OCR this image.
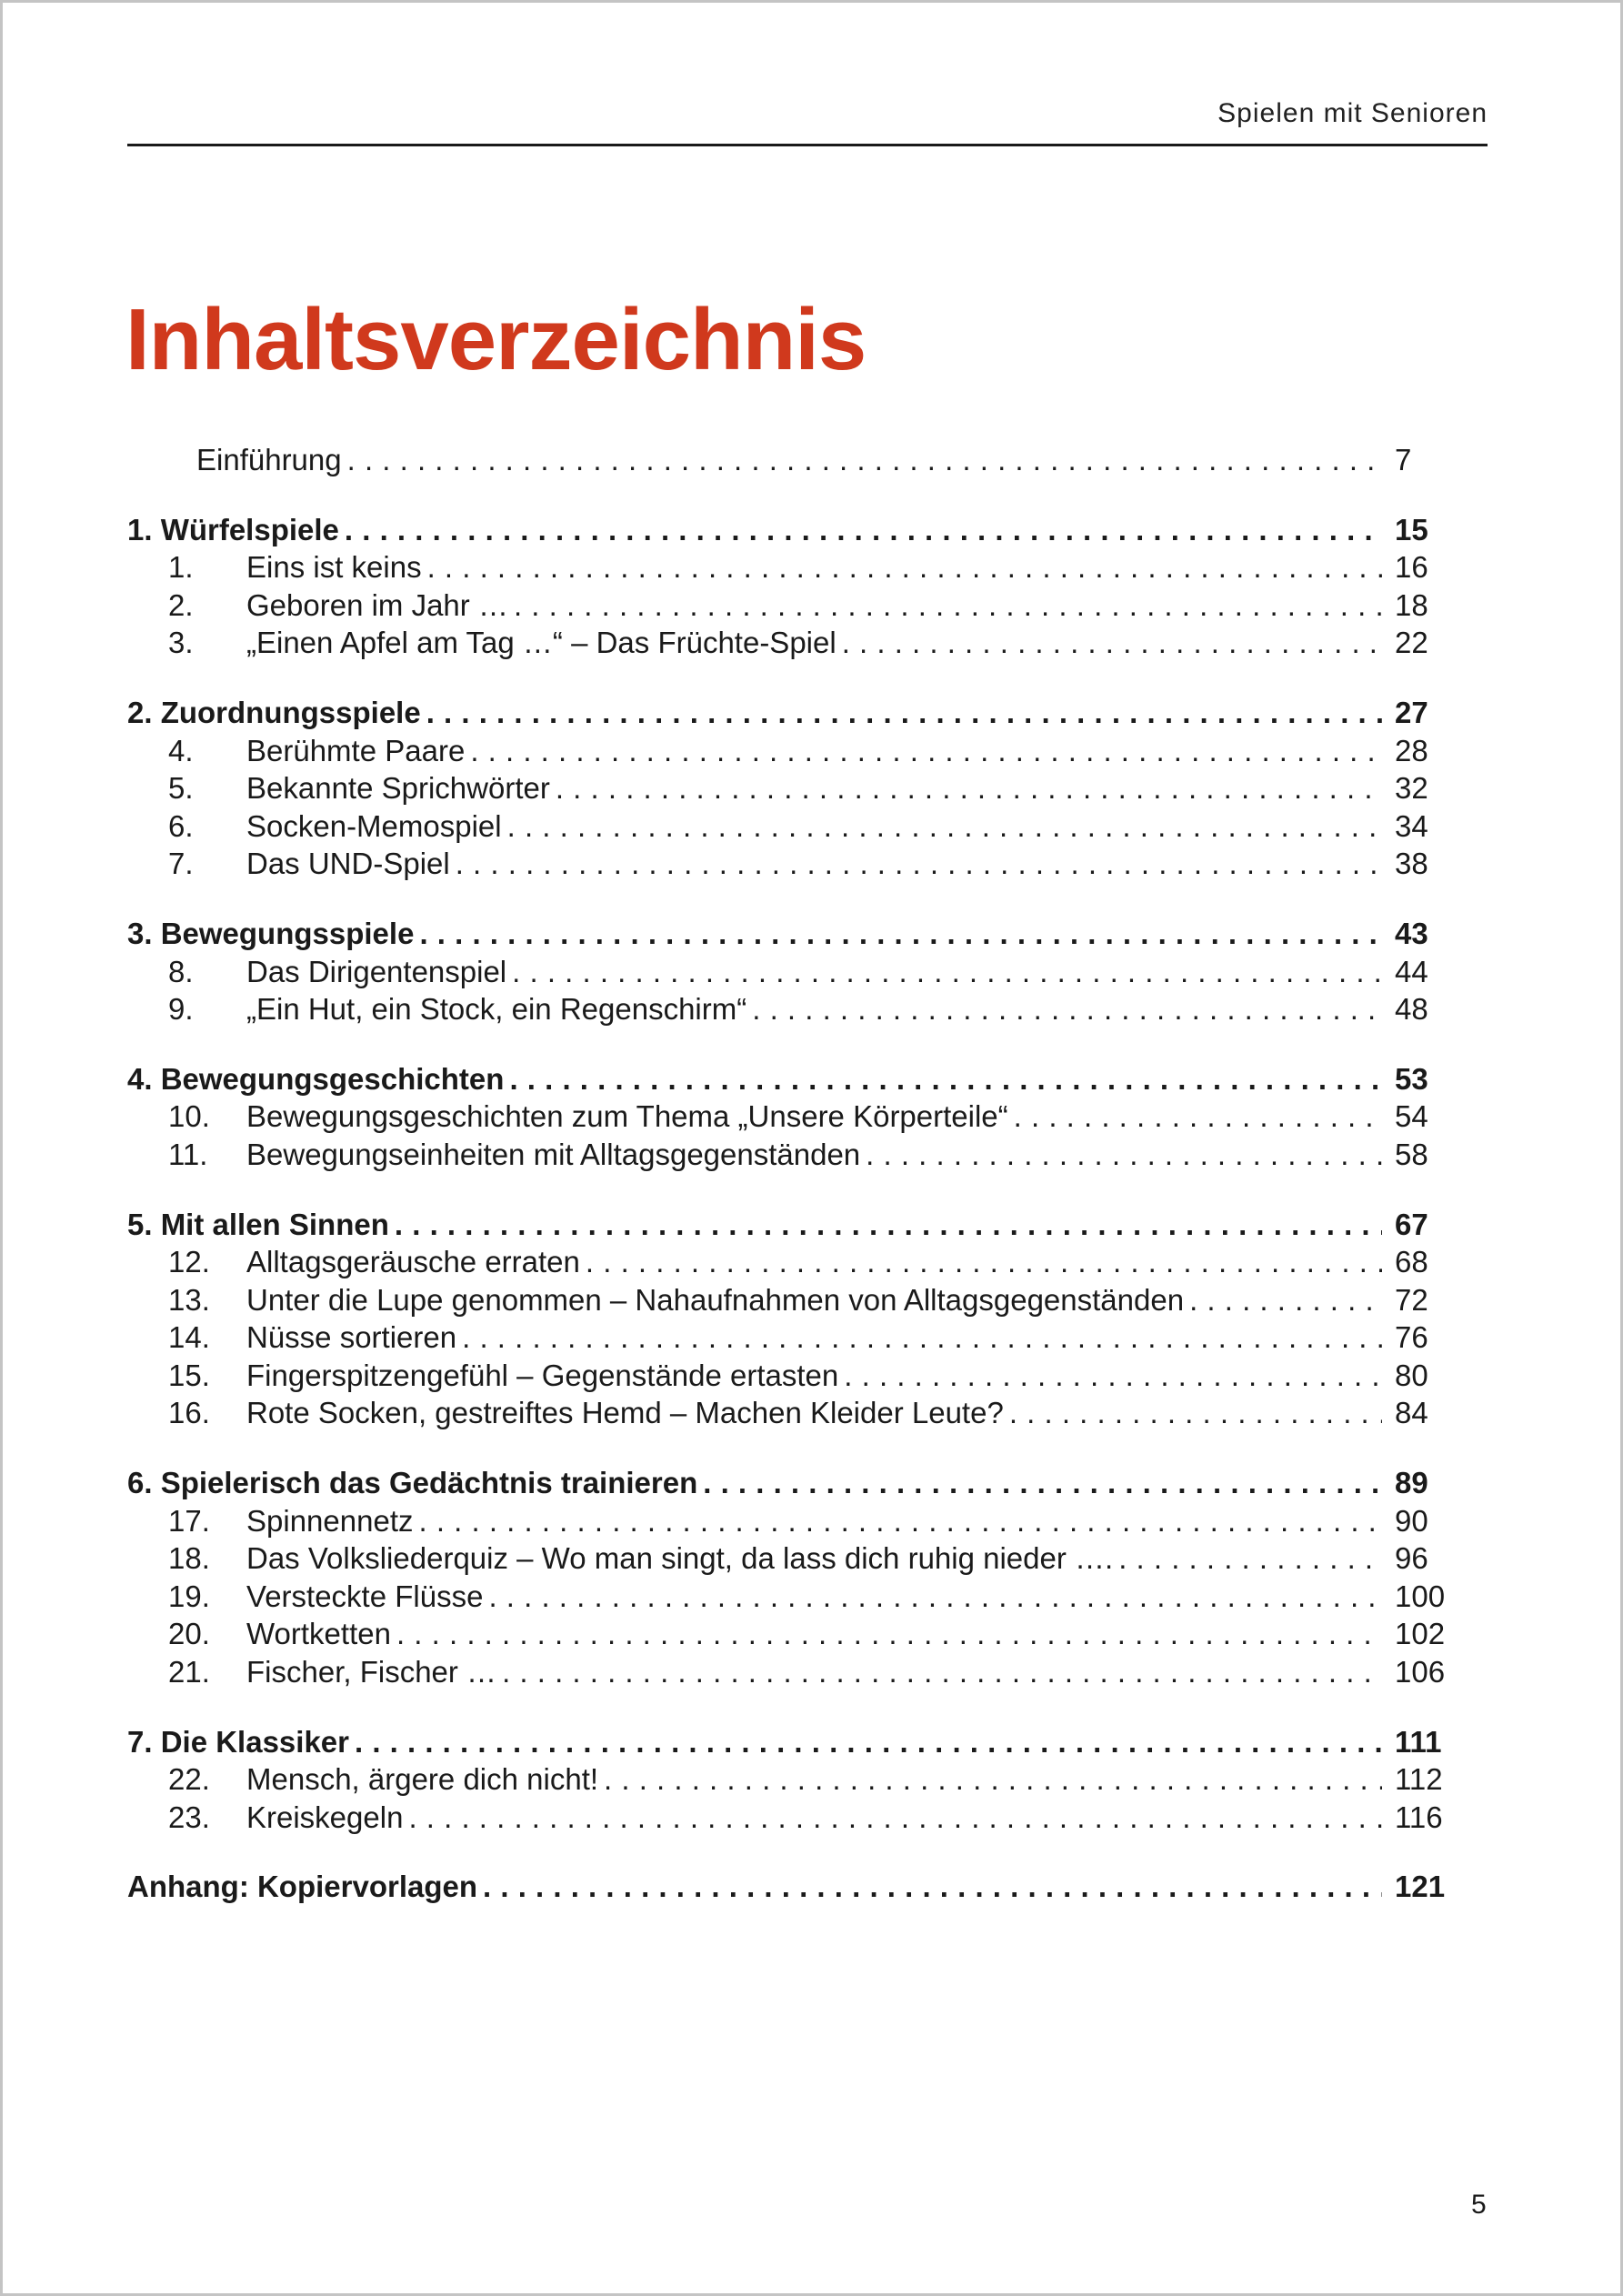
Spielen mit Senioren
Inhaltsverzeichnis
Einführung . . .	7
1. Würfelspiele . . .	15
1.	Eins ist keins . . .	16
2.	Geboren im Jahr … . . .	18
3.	„Einen Apfel am Tag …“ – Das Früchte-Spiel . . .	22
2. Zuordnungsspiele . . .	27
4.	Berühmte Paare . . .	28
5.	Bekannte Sprichwörter . . .	32
6.	Socken-Memospiel . . .	34
7.	Das UND-Spiel . . .	38
3. Bewegungsspiele . . .	43
8.	Das Dirigentenspiel . . .	44
9.	„Ein Hut, ein Stock, ein Regenschirm“ . . .	48
4. Bewegungsgeschichten . . .	53
10.	Bewegungsgeschichten zum Thema „Unsere Körperteile“ . . .	54
11.	Bewegungseinheiten mit Alltagsgegenständen . . .	58
5. Mit allen Sinnen . . .	67
12.	Alltagsgeräusche erraten . . .	68
13.	Unter die Lupe genommen – Nahaufnahmen von Alltagsgegenständen . . .	72
14.	Nüsse sortieren . . .	76
15.	Fingerspitzengefühl – Gegenstände ertasten . . .	80
16.	Rote Socken, gestreiftes Hemd – Machen Kleider Leute? . . .	84
6. Spielerisch das Gedächtnis trainieren . . .	89
17.	Spinnennetz . . .	90
18.	Das Volksliederquiz – Wo man singt, da lass dich ruhig nieder …. . . .	96
19.	Versteckte Flüsse . . .	100
20.	Wortketten . . .	102
21.	Fischer, Fischer … . . .	106
7. Die Klassiker . . .	111
22.	Mensch, ärgere dich nicht! . . .	112
23.	Kreiskegeln . . .	116
Anhang: Kopiervorlagen . . .	121
5
